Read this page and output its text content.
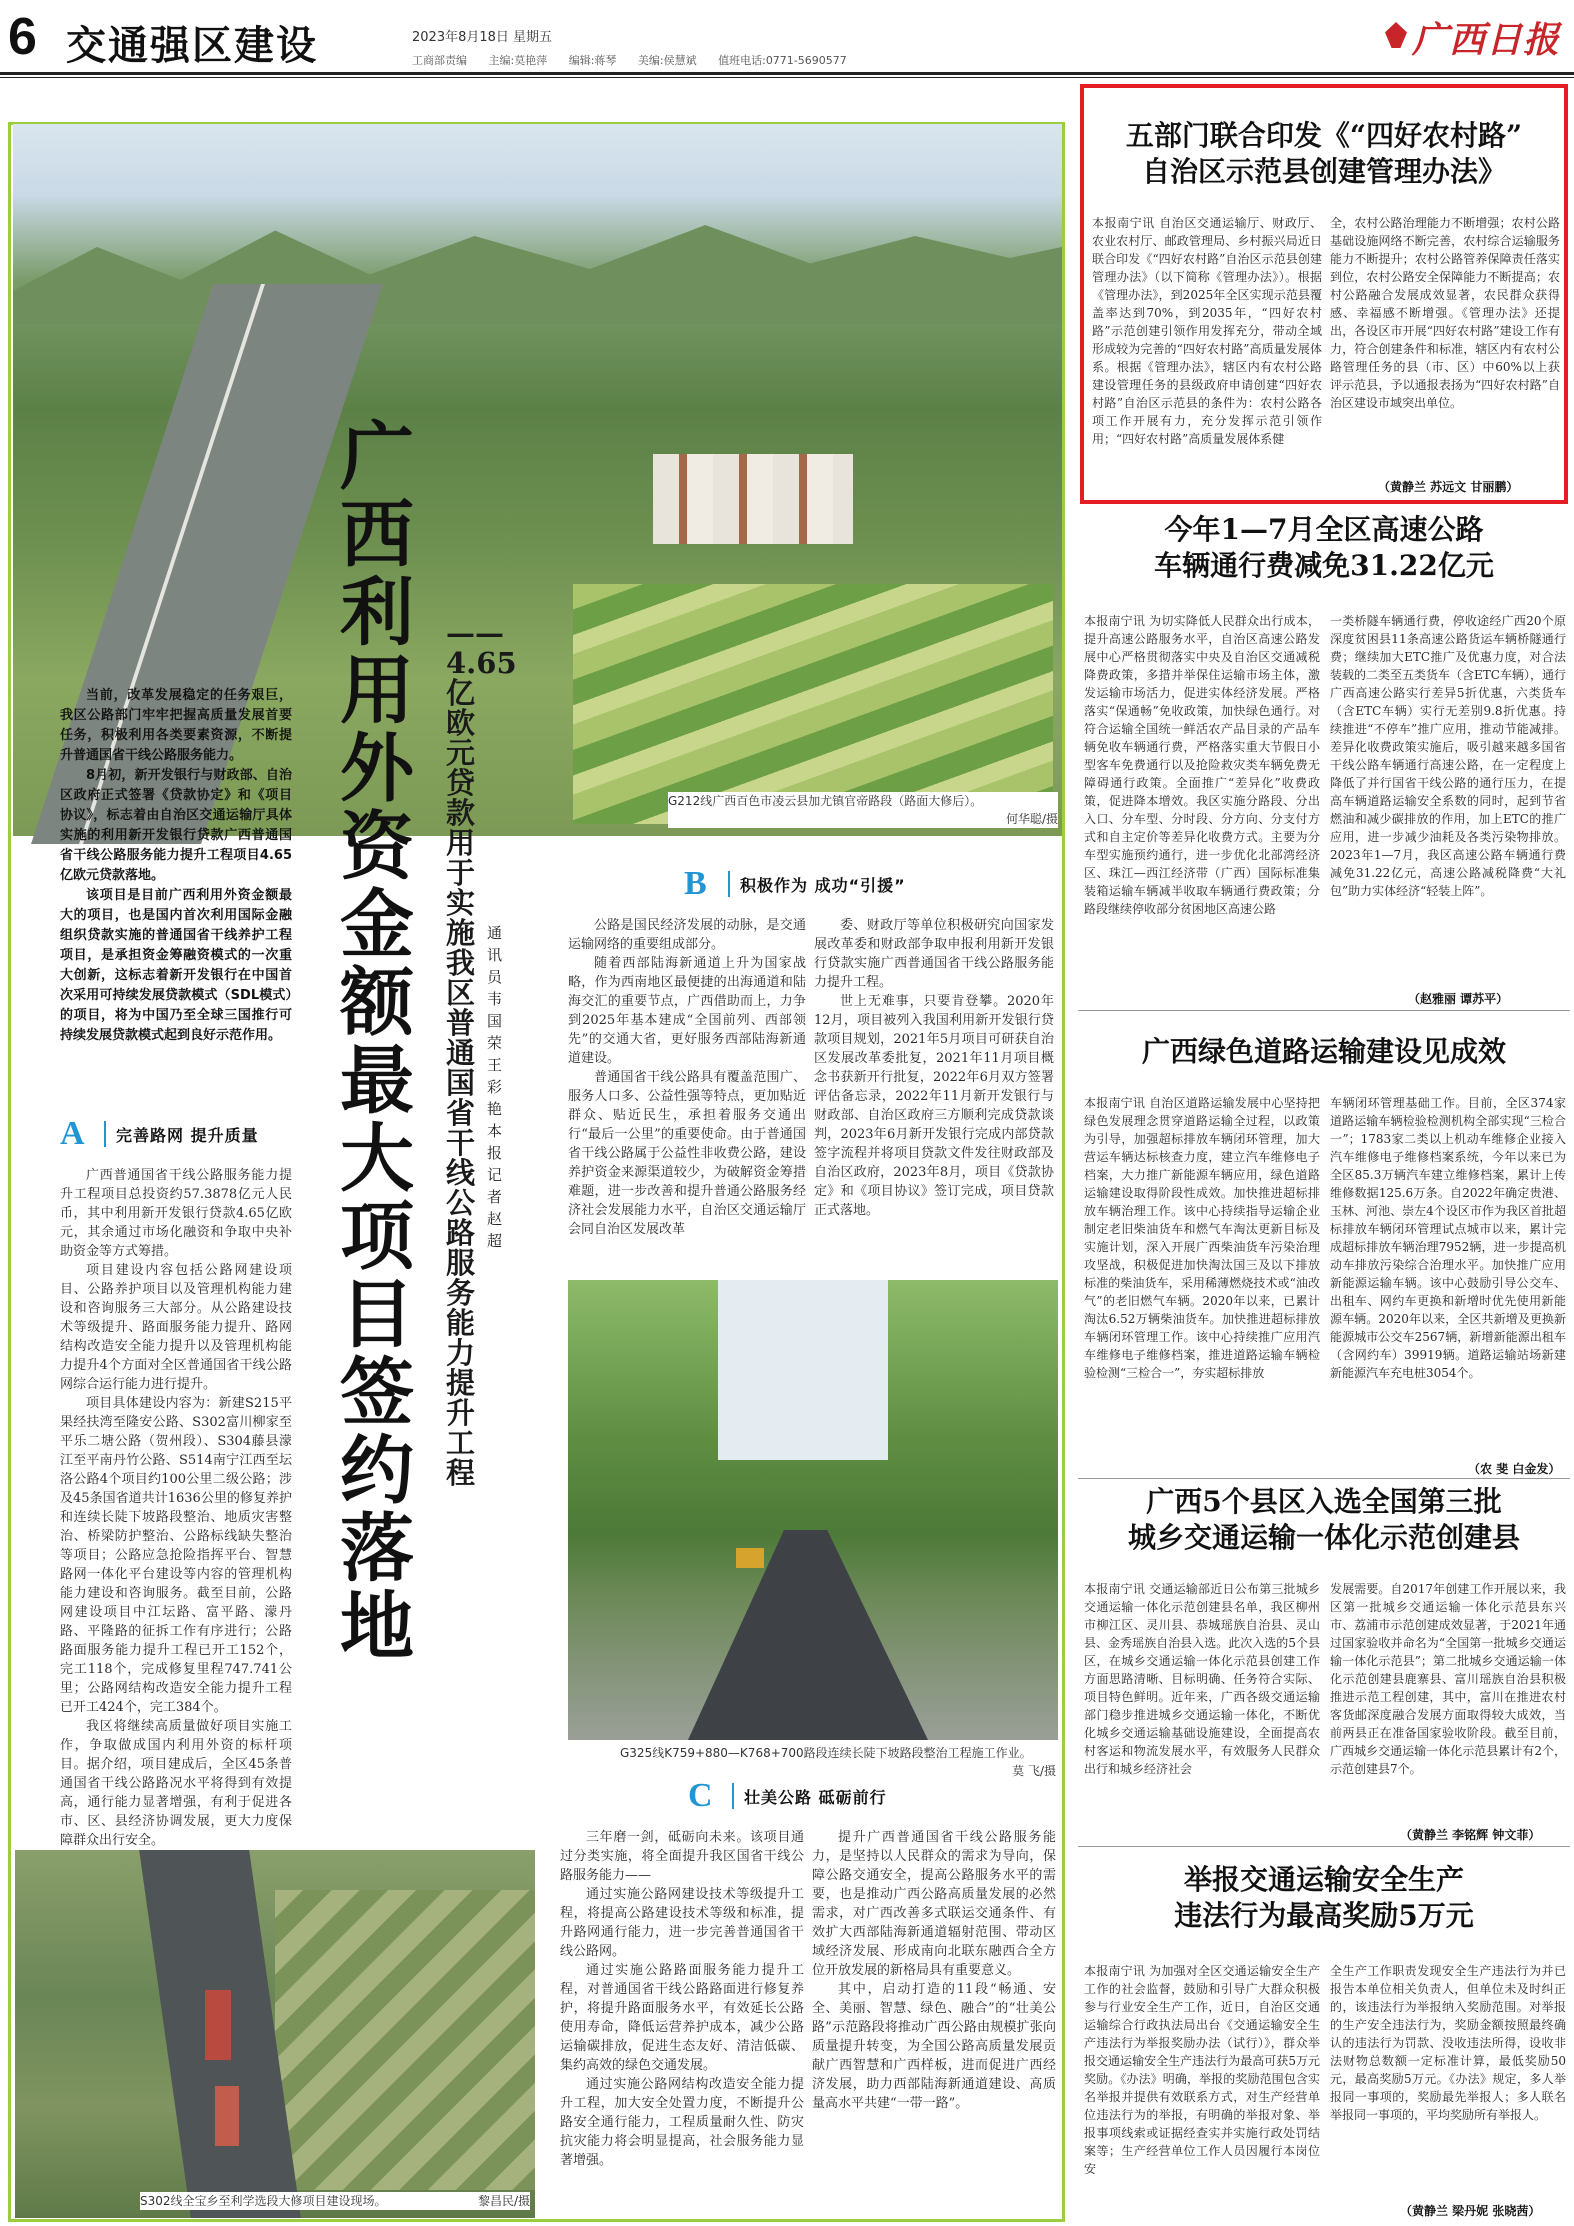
6 交通强区建设	2023年8月18日 星期五
工商部责编 主编:莫艳萍 编辑:蒋琴 美编:侯慧斌 值班电话:0771-5690577	广西日报
G212线广西百色市凌云县加尤镇官帝路段（路面大修后）。

何华聪/摄
广西利用外资金额最大项目签约落地
——4.65亿欧元贷款用于实施我区普通国省干线公路服务能力提升工程
通讯员 韦国荣 王彩艳 本报记者 赵 超

当前，改革发展稳定的任务艰巨，我区公路部门牢牢把握高质量发展首要任务，积极利用各类要素资源，不断提升普通国省干线公路服务能力。

8月初，新开发银行与财政部、自治区政府正式签署《贷款协定》和《项目协议》，标志着由自治区交通运输厅具体实施的利用新开发银行贷款广西普通国省干线公路服务能力提升工程项目4.65亿欧元贷款落地。

该项目是目前广西利用外资金额最大的项目，也是国内首次利用国际金融组织贷款实施的普通国省干线养护工程项目，是承担资金筹融资模式的一次重大创新，这标志着新开发银行在中国首次采用可持续发展贷款模式（SDL模式）的项目，将为中国乃至全球三国推行可持续发展贷款模式起到良好示范作用。

A	完善路网 提升质量

广西普通国省干线公路服务能力提升工程项目总投资约57.3878亿元人民币，其中利用新开发银行贷款4.65亿欧元，其余通过市场化融资和争取中央补助资金等方式筹措。

项目建设内容包括公路网建设项目、公路养护项目以及管理机构能力建设和咨询服务三大部分。从公路建设技术等级提升、路面服务能力提升、路网结构改造安全能力提升以及管理机构能力提升4个方面对全区普通国省干线公路网综合运行能力进行提升。

项目具体建设内容为：新建S215平果经扶湾至隆安公路、S302富川柳家至平乐二塘公路（贺州段）、S304藤县濛江至平南丹竹公路、S514南宁江西至坛洛公路4个项目约100公里二级公路；涉及45条国省道共计1636公里的修复养护和连续长陡下坡路段整治、地质灾害整治、桥梁防护整治、公路标线缺失整治等项目；公路应急抢险指挥平台、智慧路网一体化平台建设等内容的管理机构能力建设和咨询服务。截至目前，公路网建设项目中江坛路、富平路、濛丹路、平隆路的征拆工作有序进行；公路路面服务能力提升工程已开工152个，完工118个，完成修复里程747.741公里；公路网结构改造安全能力提升工程已开工424个，完工384个。

我区将继续高质量做好项目实施工作，争取做成国内利用外资的标杆项目。据介绍，项目建成后，全区45条普通国省干线公路路况水平将得到有效提高，通行能力显著增强，有利于促进各市、区、县经济协调发展，更大力度保障群众出行安全。

B	积极作为 成功“引援”

公路是国民经济发展的动脉，是交通运输网络的重要组成部分。

随着西部陆海新通道上升为国家战略，作为西南地区最便捷的出海通道和陆海交汇的重要节点，广西借助而上，力争到2025年基本建成“全国前列、西部领先”的交通大省，更好服务西部陆海新通道建设。

普通国省干线公路具有覆盖范围广、服务人口多、公益性强等特点，更加贴近群众、贴近民生，承担着服务交通出行“最后一公里”的重要使命。由于普通国省干线公路属于公益性非收费公路，建设养护资金来源渠道较少，为破解资金筹措难题，进一步改善和提升普通公路服务经济社会发展能力水平，自治区交通运输厅会同自治区发展改革

委、财政厅等单位积极研究向国家发展改革委和财政部争取申报利用新开发银行贷款实施广西普通国省干线公路服务能力提升工程。

世上无难事，只要肯登攀。2020年12月，项目被列入我国利用新开发银行贷款项目规划，2021年5月项目可研获自治区发展改革委批复，2021年11月项目概念书获新开行批复，2022年6月双方签署评估备忘录，2022年11月新开发银行与财政部、自治区政府三方顺利完成贷款谈判，2023年6月新开发银行完成内部贷款签字流程并将项目贷款文件发往财政部及自治区政府，2023年8月，项目《贷款协定》和《项目协议》签订完成，项目贷款正式落地。

G325线K759+880—K768+700路段连续长陡下坡路段整治工程施工作业。
莫 飞/摄
C	壮美公路 砥砺前行

三年磨一剑，砥砺向未来。该项目通过分类实施，将全面提升我区国省干线公路服务能力——

通过实施公路网建设技术等级提升工程，将提高公路建设技术等级和标准，提升路网通行能力，进一步完善普通国省干线公路网。

通过实施公路路面服务能力提升工程，对普通国省干线公路路面进行修复养护，将提升路面服务水平，有效延长公路使用寿命，降低运营养护成本，减少公路运输碳排放，促进生态友好、清洁低碳、集约高效的绿色交通发展。

通过实施公路网结构改造安全能力提升工程，加大安全处置力度，不断提升公路安全通行能力，工程质量耐久性、防灾抗灾能力将会明显提高，社会服务能力显著增强。

提升广西普通国省干线公路服务能力，是坚持以人民群众的需求为导向，保障公路交通安全，提高公路服务水平的需要，也是推动广西公路高质量发展的必然需求，对广西改善多式联运交通条件、有效扩大西部陆海新通道辐射范围、带动区域经济发展、形成南向北联东融西合全方位开放发展的新格局具有重要意义。

其中，启动打造的11段“畅通、安全、美丽、智慧、绿色、融合”的“壮美公路”示范路段将推动广西公路由规模扩张向质量提升转变，为全国公路高质量发展贡献广西智慧和广西样板，进而促进广西经济发展，助力西部陆海新通道建设、高质量高水平共建“一带一路”。

S302线全宝乡至利学选段大修项目建设现场。	黎昌民/摄
五部门联合印发《“四好农村路”
自治区示范县创建管理办法》
本报南宁讯 自治区交通运输厅、财政厅、农业农村厅、邮政管理局、乡村振兴局近日联合印发《“四好农村路”自治区示范县创建管理办法》（以下简称《管理办法》）。根据《管理办法》，到2025年全区实现示范县覆盖率达到70%，到2035年，“四好农村路”示范创建引领作用发挥充分，带动全域形成较为完善的“四好农村路”高质量发展体系。根据《管理办法》，辖区内有农村公路建设管理任务的县级政府申请创建“四好农村路”自治区示范县的条件为：农村公路各项工作开展有力，充分发挥示范引领作用；“四好农村路”高质量发展体系健
全，农村公路治理能力不断增强；农村公路基础设施网络不断完善，农村综合运输服务能力不断提升；农村公路管养保障责任落实到位，农村公路安全保障能力不断提高；农村公路融合发展成效显著，农民群众获得感、幸福感不断增强。《管理办法》还提出，各设区市开展“四好农村路”建设工作有力，符合创建条件和标准，辖区内有农村公路管理任务的县（市、区）中60%以上获评示范县，予以通报表扬为“四好农村路”自治区建设市域突出单位。
（黄静兰 苏远文 甘丽鹏）
今年1—7月全区高速公路
车辆通行费减免31.22亿元
本报南宁讯 为切实降低人民群众出行成本，提升高速公路服务水平，自治区高速公路发展中心严格贯彻落实中央及自治区交通减税降费政策，多措并举保住运输市场主体，激发运输市场活力，促进实体经济发展。严格落实“保通畅”免收政策，加快绿色通行。对符合运输全国统一鲜活农产品目录的产品车辆免收车辆通行费，严格落实重大节假日小型客车免费通行以及抢险救灾类车辆免费无障碍通行政策。全面推广“差异化”收费政策，促进降本增效。我区实施分路段、分出入口、分车型、分时段、分方向、分支付方式和自主定价等差异化收费方式。主要为分车型实施预约通行，进一步优化北部湾经济区、珠江—西江经济带（广西）国际标准集装箱运输车辆减半收取车辆通行费政策；分路段继续停收部分贫困地区高速公路
一类桥隧车辆通行费，停收途经广西20个原深度贫困县11条高速公路货运车辆桥隧通行费；继续加大ETC推广及优惠力度，对合法装载的二类至五类货车（含ETC车辆），通行广西高速公路实行差异5折优惠，六类货车（含ETC车辆）实行无差别9.8折优惠。持续推进“不停车”推广应用，推动节能减排。差异化收费政策实施后，吸引越来越多国省干线公路车辆通行高速公路，在一定程度上降低了并行国省干线公路的通行压力，在提高车辆道路运输安全系数的同时，起到节省燃油和减少碳排放的作用，加上ETC的推广应用，进一步减少油耗及各类污染物排放。2023年1—7月，我区高速公路车辆通行费减免31.22亿元，高速公路减税降费“大礼包”助力实体经济“轻装上阵”。
（赵雅丽 谭苏平）
广西绿色道路运输建设见成效
本报南宁讯 自治区道路运输发展中心坚持把绿色发展理念贯穿道路运输全过程，以政策为引导，加强超标排放车辆闭环管理，加大营运车辆达标核查力度，建立汽车维修电子档案，大力推广新能源车辆应用，绿色道路运输建设取得阶段性成效。加快推进超标排放车辆治理工作。该中心持续指导运输企业制定老旧柴油货车和燃气车淘汰更新目标及实施计划，深入开展广西柴油货车污染治理攻坚战，积极促进加快淘汰国三及以下排放标准的柴油货车，采用稀薄燃烧技术或“油改气”的老旧燃气车辆。2020年以来，已累计淘汰6.52万辆柴油货车。加快推进超标排放车辆闭环管理工作。该中心持续推广应用汽车维修电子维修档案，推进道路运输车辆检验检测“三检合一”，夯实超标排放
车辆闭环管理基础工作。目前，全区374家道路运输车辆检验检测机构全部实现“三检合一”；1783家二类以上机动车维修企业接入汽车维修电子维修档案系统，今年以来已为全区85.3万辆汽车建立维修档案，累计上传维修数据125.6万条。自2022年确定贵港、玉林、河池、崇左4个设区市作为我区首批超标排放车辆闭环管理试点城市以来，累计完成超标排放车辆治理7952辆，进一步提高机动车排放污染综合治理水平。加快推广应用新能源运输车辆。该中心鼓励引导公交车、出租车、网约车更换和新增时优先使用新能源车辆。2020年以来，全区共新增及更换新能源城市公交车2567辆，新增新能源出租车（含网约车）39919辆。道路运输站场新建新能源汽车充电桩3054个。
（农 斐 白金发）
广西5个县区入选全国第三批
城乡交通运输一体化示范创建县
本报南宁讯 交通运输部近日公布第三批城乡交通运输一体化示范创建县名单，我区柳州市柳江区、灵川县、恭城瑶族自治县、灵山县、金秀瑶族自治县入选。此次入选的5个县区，在城乡交通运输一体化示范县创建工作方面思路清晰、目标明确、任务符合实际、项目特色鲜明。近年来，广西各级交通运输部门稳步推进城乡交通运输一体化，不断优化城乡交通运输基础设施建设，全面提高农村客运和物流发展水平，有效服务人民群众出行和城乡经济社会
发展需要。自2017年创建工作开展以来，我区第一批城乡交通运输一体化示范县东兴市、荔浦市示范创建成效显著，于2021年通过国家验收并命名为“全国第一批城乡交通运输一体化示范县”；第二批城乡交通运输一体化示范创建县鹿寨县、富川瑶族自治县积极推进示范工程创建，其中，富川在推进农村客货邮深度融合发展方面取得较大成效，当前两县正在准备国家验收阶段。截至目前，广西城乡交通运输一体化示范县累计有2个，示范创建县7个。
（黄静兰 李铭辉 钟文菲）
举报交通运输安全生产
违法行为最高奖励5万元
本报南宁讯 为加强对全区交通运输安全生产工作的社会监督，鼓励和引导广大群众积极参与行业安全生产工作，近日，自治区交通运输综合行政执法局出台《交通运输安全生产违法行为举报奖励办法（试行）》，群众举报交通运输安全生产违法行为最高可获5万元奖励。《办法》明确，举报的奖励范围包含实名举报并提供有效联系方式，对生产经营单位违法行为的举报，有明确的举报对象、举报事项线索或证据经查实并实施行政处罚结案等；生产经营单位工作人员因履行本岗位安
全生产工作职责发现安全生产违法行为并已报告本单位相关负责人，但单位未及时纠正的，该违法行为举报纳入奖励范围。对举报的生产安全违法行为，奖励金额按照最终确认的违法行为罚款、没收违法所得，设收非法财物总数额一定标准计算，最低奖励50元，最高奖励5万元。《办法》规定，多人举报同一事项的，奖励最先举报人；多人联名举报同一事项的，平均奖励所有举报人。
（黄静兰 梁丹妮 张晓茜）
